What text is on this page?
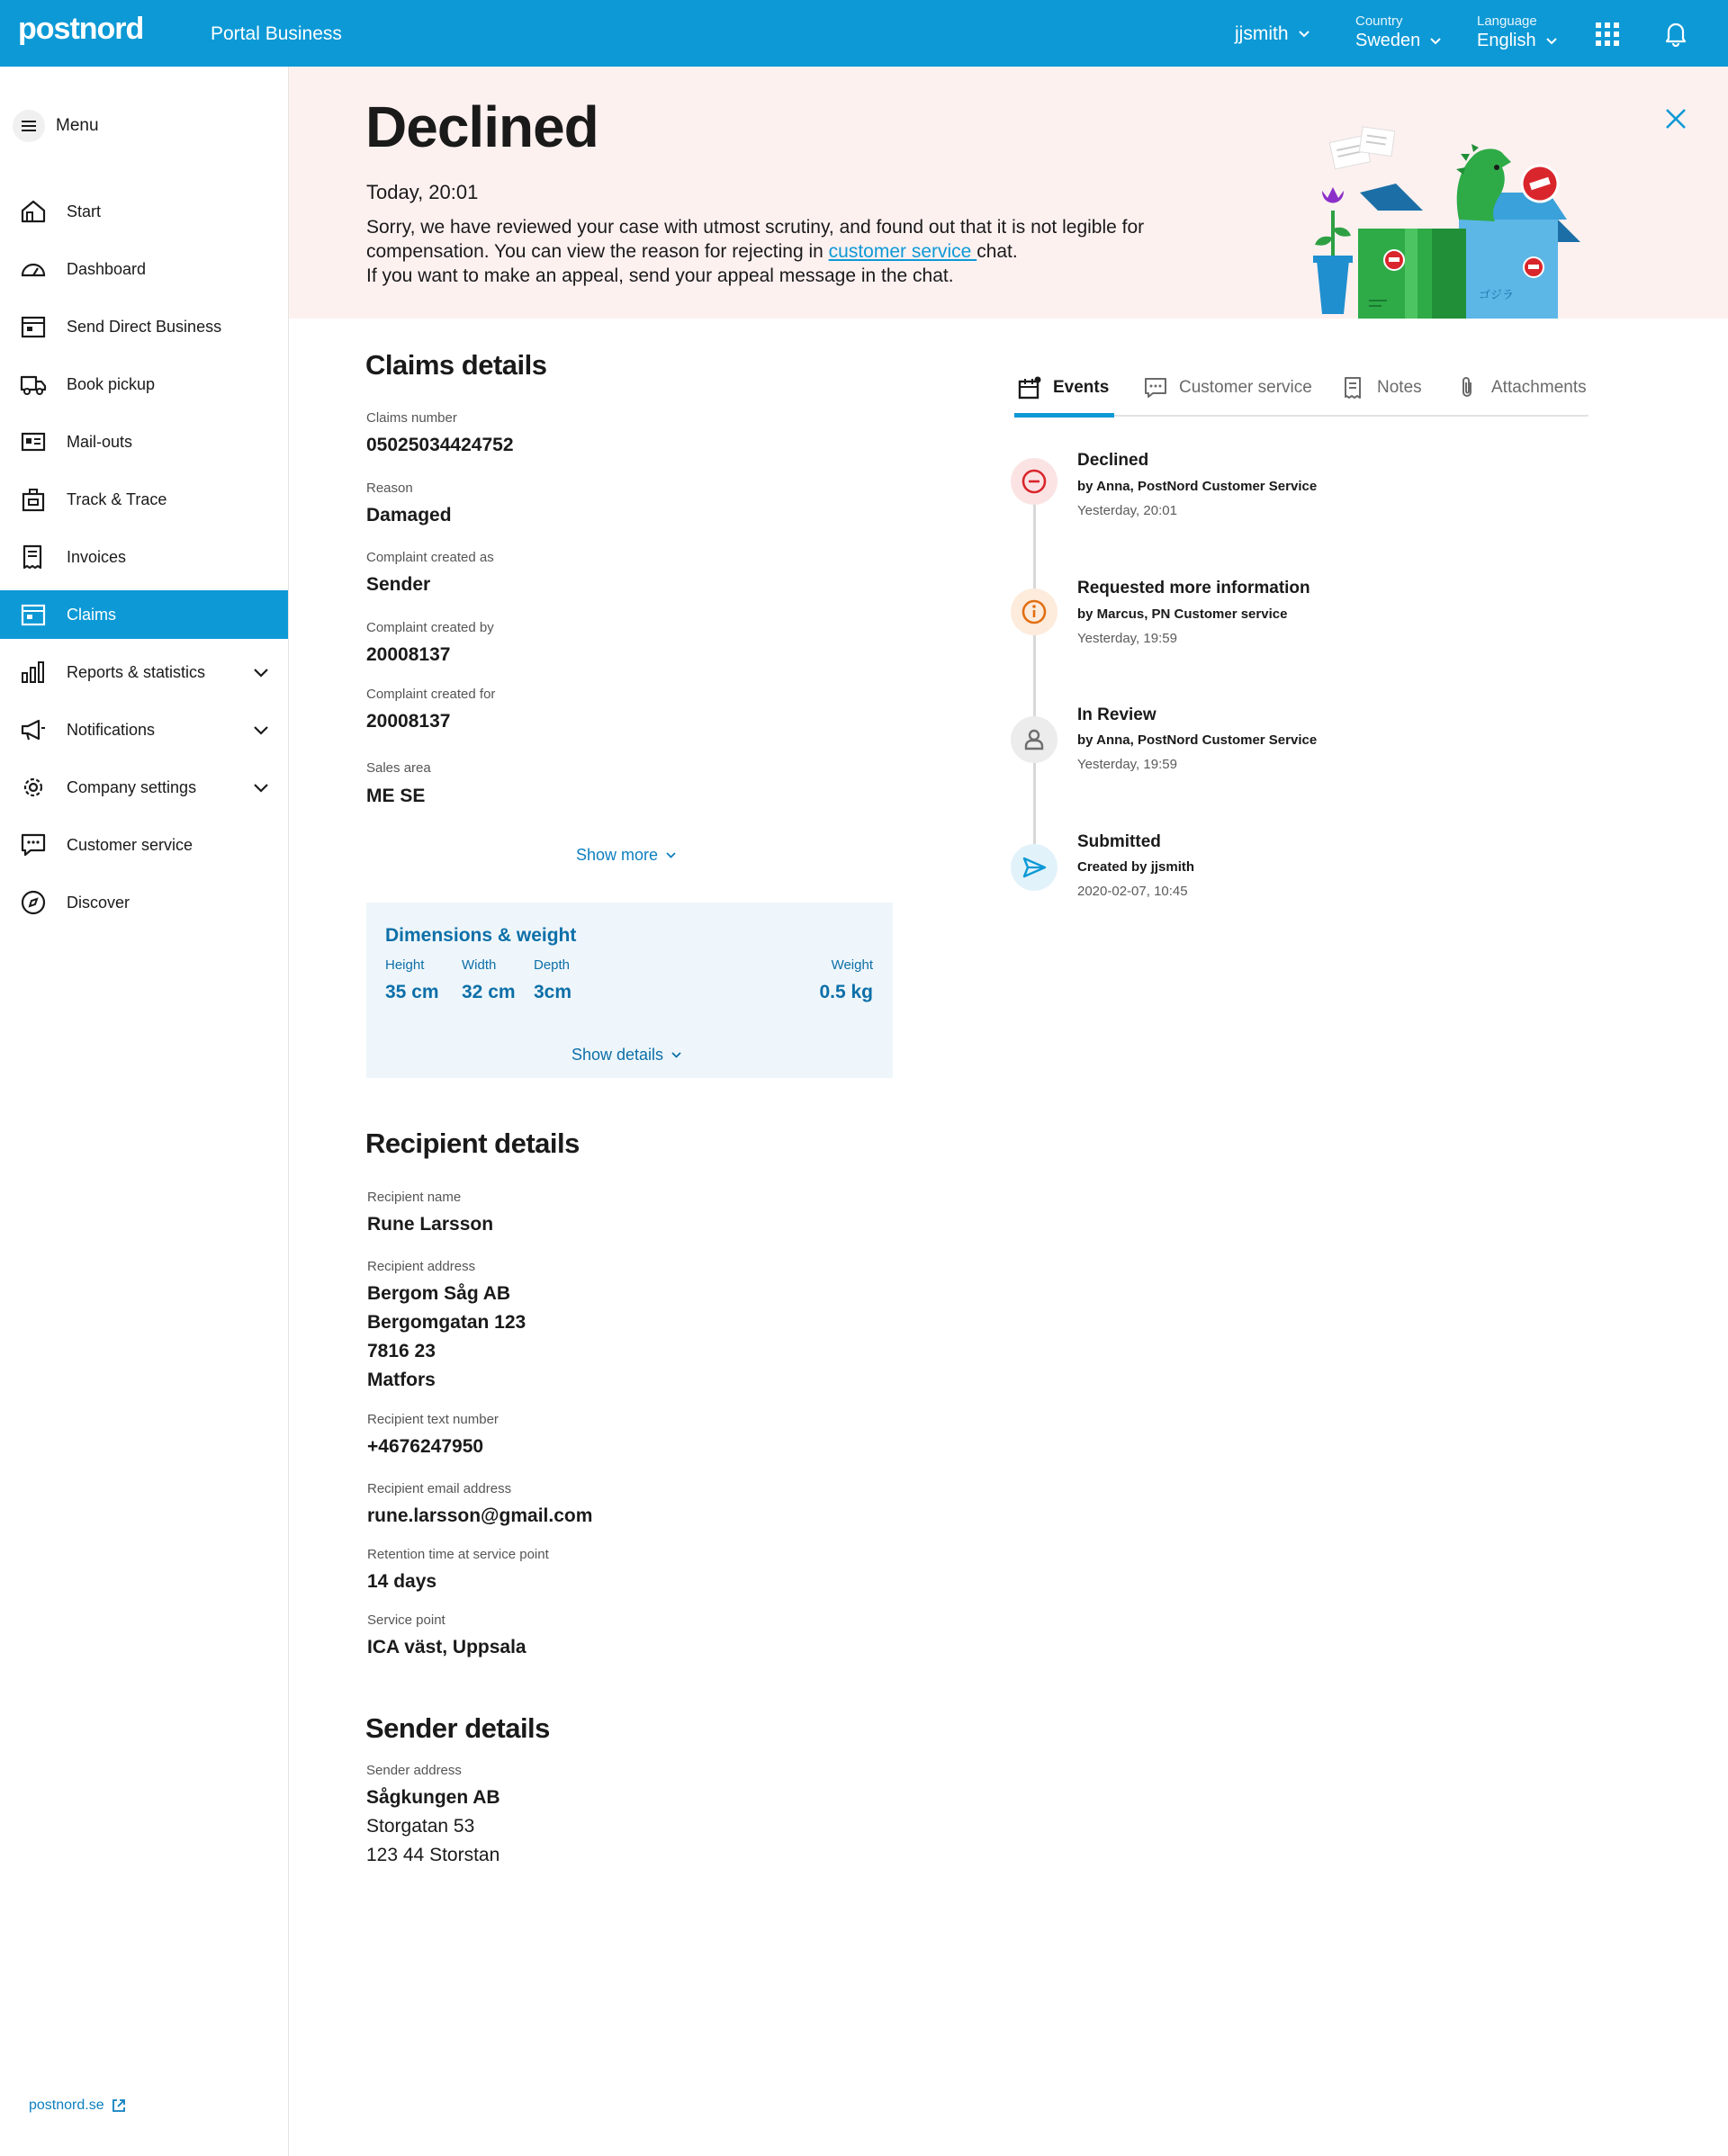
postnord	Portal Business	jjsmith
Country
Sweden
Language
English
Menu
Start
Dashboard
Send Direct Business
Book pickup
Mail-outs
Track & Trace
Invoices
Claims
Reports & statistics
Notifications
Company settings
Customer service
Discover
postnord.se
Declined
Today, 20:01
Sorry, we have reviewed your case with utmost scrutiny, and found out that it is not legible for compensation. You can view the reason for rejecting in customer service chat.
If you want to make an appeal, send your appeal message in the chat.
ゴジラ
Claims details
Claims number
05025034424752
Reason
Damaged
Complaint created as
Sender
Complaint created by
20008137
Complaint created for
20008137
Sales area
ME SE
Show more
Dimensions & weight
Height
35 cm
Width
32 cm
Depth
3cm
Weight
0.5 kg
Show details
Recipient details
Recipient name
Rune Larsson
Recipient address
Bergom Såg AB
Bergomgatan 123
7816 23
Matfors
Recipient text number
+4676247950
Recipient email address
rune.larsson@gmail.com
Retention time at service point
14 days
Service point
ICA väst, Uppsala
Sender details
Sender address
Sågkungen AB
Storgatan 53
123 44 Storstan
Events	Customer service	Notes	Attachments
Declined
by Anna, PostNord Customer Service
Yesterday, 20:01
Requested more information
by Marcus, PN Customer service
Yesterday, 19:59
In Review
by Anna, PostNord Customer Service
Yesterday, 19:59
Submitted
Created by jjsmith
2020-02-07, 10:45
